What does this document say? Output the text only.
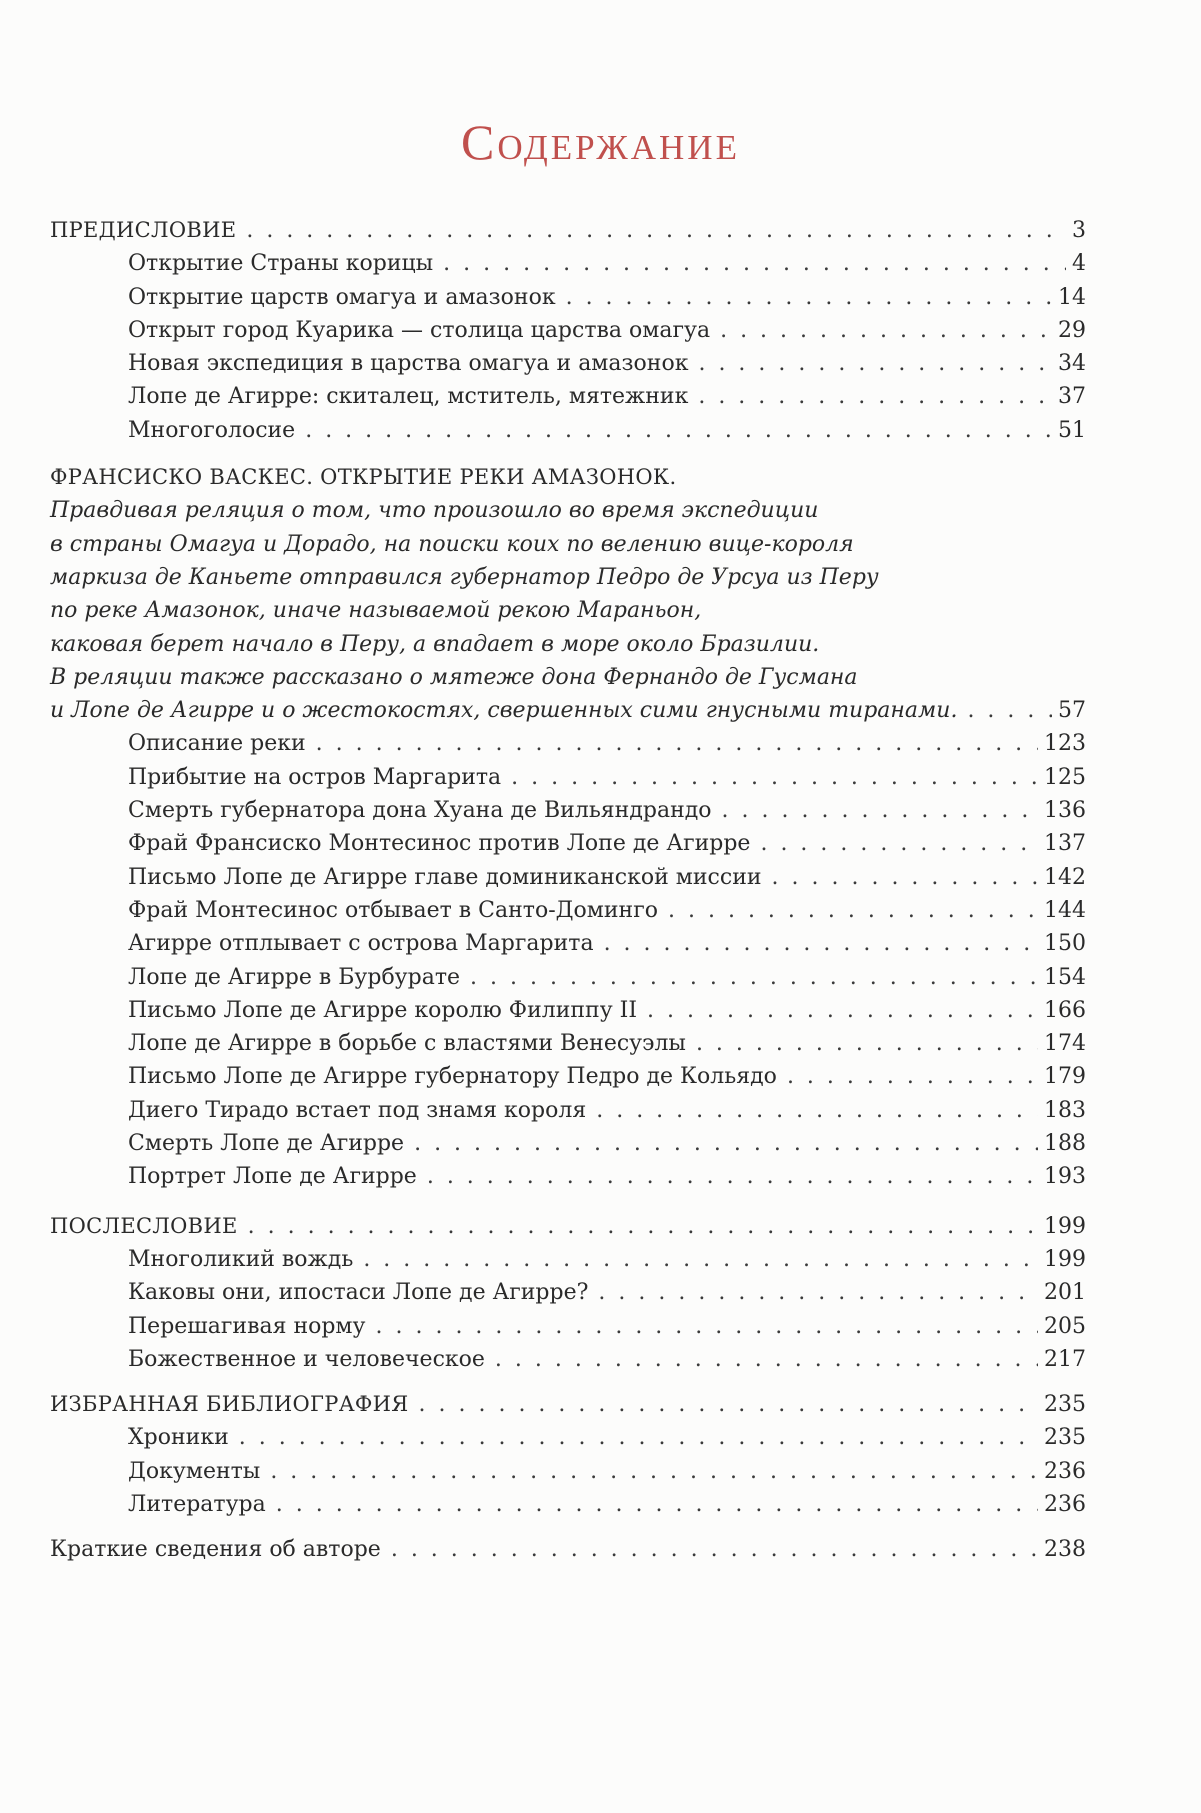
Содержание
ПРЕДИСЛОВИЕ . . .	3
Открытие Страны корицы . . .	4
Открытие царств омагуа и амазонок . . .	14
Открыт город Куарика — столица царства омагуа . . .	29
Новая экспедиция в царства омагуа и амазонок . . .	34
Лопе де Агирре: скиталец, мститель, мятежник . . .	37
Многоголосие . . .	51
ФРАНСИСКО ВАСКЕС. ОТКРЫТИЕ РЕКИ АМАЗОНОК.
Правдивая реляция о том, что произошло во время экспедиции
в страны Омагуа и Дорадо, на поиски коих по велению вице-короля
маркиза де Каньете отправился губернатор Педро де Урсуа из Перу
по реке Амазонок, иначе называемой рекою Мараньон,
каковая берет начало в Перу, а впадает в море около Бразилии.
В реляции также рассказано о мятеже дона Фернандо де Гусмана
и Лопе де Агирре и о жестокостях, свершенных сими гнусными тиранами. . . .	57
Описание реки . . .	123
Прибытие на остров Маргарита . . .	125
Смерть губернатора дона Хуана де Вильяндрандо . . .	136
Фрай Франсиско Монтесинос против Лопе де Агирре . . .	137
Письмо Лопе де Агирре главе доминиканской миссии . . .	142
Фрай Монтесинос отбывает в Санто-Доминго . . .	144
Агирре отплывает с острова Маргарита . . .	150
Лопе де Агирре в Бурбурате . . .	154
Письмо Лопе де Агирре королю Филиппу II . . .	166
Лопе де Агирре в борьбе с властями Венесуэлы . . .	174
Письмо Лопе де Агирре губернатору Педро де Кольядо . . .	179
Диего Тирадо встает под знамя короля . . .	183
Смерть Лопе де Агирре . . .	188
Портрет Лопе де Агирре . . .	193
ПОСЛЕСЛОВИЕ . . .	199
Многоликий вождь . . .	199
Каковы они, ипостаси Лопе де Агирре? . . .	201
Перешагивая норму . . .	205
Божественное и человеческое . . .	217
ИЗБРАННАЯ БИБЛИОГРАФИЯ . . .	235
Хроники . . .	235
Документы . . .	236
Литература . . .	236
Краткие сведения об авторе . . .	238
